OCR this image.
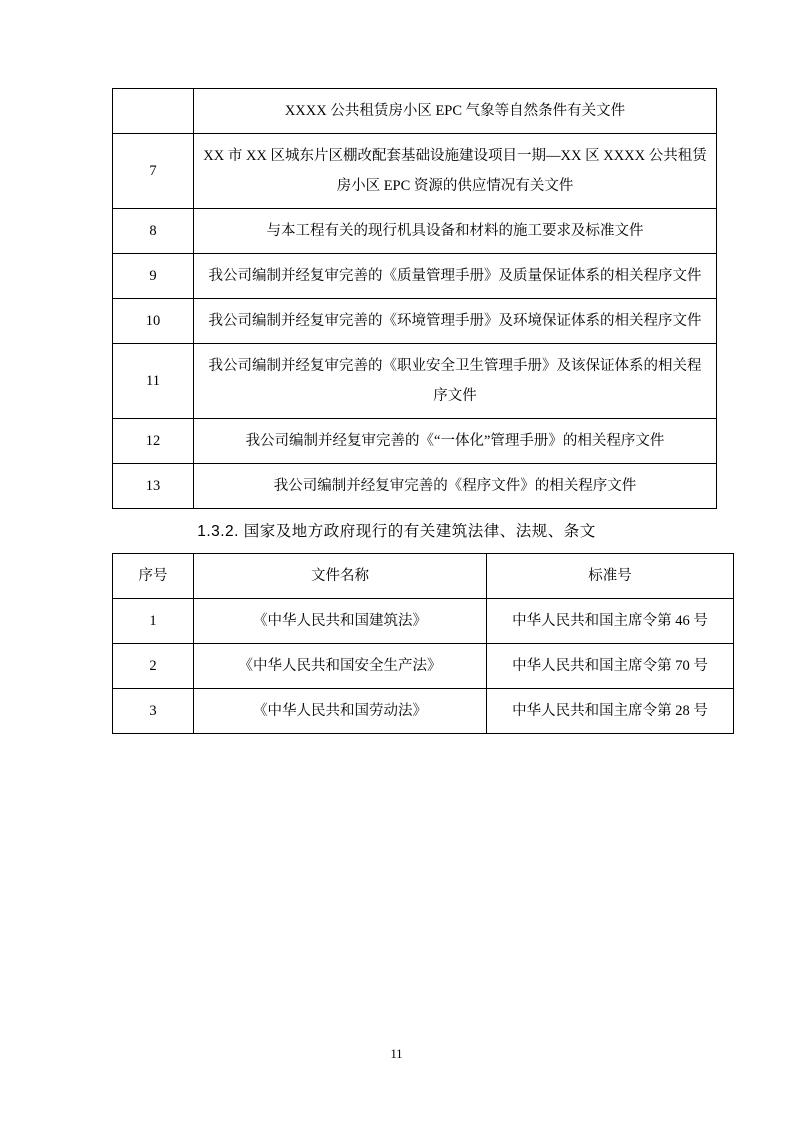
	XXXX 公共租赁房小区 EPC 气象等自然条件有关文件
7	XX 市 XX 区城东片区棚改配套基础设施建设项目一期—XX 区 XXXX 公共租赁房小区 EPC 资源的供应情况有关文件
8	与本工程有关的现行机具设备和材料的施工要求及标准文件
9	我公司编制并经复审完善的《质量管理手册》及质量保证体系的相关程序文件
10	我公司编制并经复审完善的《环境管理手册》及环境保证体系的相关程序文件
11	我公司编制并经复审完善的《职业安全卫生管理手册》及该保证体系的相关程序文件
12	我公司编制并经复审完善的《“一体化”管理手册》的相关程序文件
13	我公司编制并经复审完善的《程序文件》的相关程序文件
1.3.2. 国家及地方政府现行的有关建筑法律、法规、条文
序号	文件名称	标准号
1	《中华人民共和国建筑法》	中华人民共和国主席令第 46 号
2	《中华人民共和国安全生产法》	中华人民共和国主席令第 70 号
3	《中华人民共和国劳动法》	中华人民共和国主席令第 28 号
11
